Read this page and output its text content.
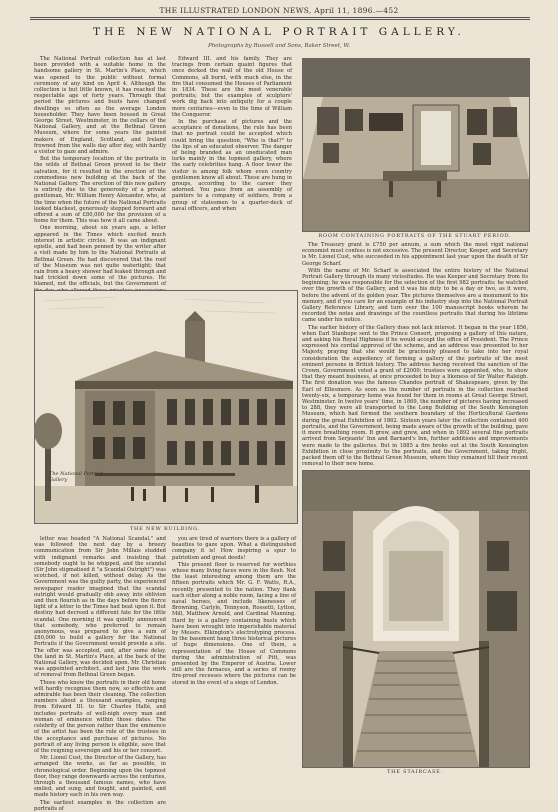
THE ILLUSTRATED LONDON NEWS, April 11, 1896.—452
THE NEW NATIONAL PORTRAIT GALLERY.
Photographs by Russell and Sons, Baker Street, W.

The National Portrait collection has at last been provided with a suitable home in the handsome gallery in St. Martin's Place, which was opened to the public without formal ceremony of any kind on April 4. Although the collection is but little known, it has reached the respectable age of forty years. Through that period the pictures and busts have changed dwellings so often as the average London householder. They have been housed in Great George Street, Westminster, in the cellars of the National Gallery, and at the Bethnal Green Museum, where for some years the painted makers of England, Scotland, and Ireland frowned from the walls day after day, with hardly a visitor to gaze and admire.

But the temporary location of the portraits in the wilds of Bethnal Green proved to be their salvation, for it resulted in the erection of the commodious new building at the back of the National Gallery. The erection of this new gallery is entirely due to the generosity of a private gentleman, Mr. William Henry Alexander, who, at the time when the future of the National Portraits looked blackest, generously stepped forward and offered a sum of £80,000 for the provision of a home for them. This was how it all came about.

One morning, about six years ago, a letter appeared in the Times which excited much interest in artistic circles. It was an indignant epistle, and had been penned by the writer after a visit made by him to the National Portraits at Bethnal Green. He had discovered that the roof of the Museum was not quite watertight; that rain from a heavy shower had leaked through and had trickled down some of the pictures. He blamed, not the officials, but the Government of

Edward III. and his family. They are tracings from certain quaint figures that once decked the wall of the old House of Commons, all burnt, with much else, in the fire that consumed the Houses of Parliament in 1834. These are the most venerable portraits; but the examples of sculptors' work dig back into antiquity for a couple more centuries—even to the time of William the Conqueror.

In the purchase of pictures and the acceptance of donations, the rule has been that no portrait could be accepted which could bring the question, "Who is that?" to the lips of an educated observer. The danger of being branded as an uneducated man lurks mainly in the topmost gallery, where the early celebrities hang. A floor lower the visitor is among folk whom even country gentlemen know all about. These are hung in groups, according to the career they adorned. You pass from an assembly of painters to a company of soldiers, from a group of statesmen to a quarter-deck of naval officers, and when

ROOM CONTAINING PORTRAITS OF THE STUART PERIOD.

The Treasury grant is £750 per annum, a sum which the most rigid national economist must confess is not excessive. The present Director, Keeper, and Secretary is Mr. Lionel Cust, who succeeded in his appointment last year upon the death of Sir George Scharf.

With the name of Mr. Scharf is associated the entire history of the National Portrait Gallery through its many vicissitudes. He was Keeper and Secretary from its beginning; he was responsible for the selection of the first 982 portraits; he watched over the growth of the Gallery, and it was his duty to be a day or two, as it were, before the advent of its golden year. The pictures themselves are a monument to his memory, and if you care for an example of his industry step into the National Portrait Gallery Reference Library, and turn over the 100 manuscript books wherein he recorded the notes and drawings of the countless portraits that during his lifetime came under his notice.

The earlier history of the Gallery does not lack interest. It began in the year 1856, when Earl Stanhope sent to the Prince Consort, proposing a gallery of this nature, and asking his Royal Highness if he would accept the office of President. The Prince expressed his cordial approval of the scheme, and an address was presented to her Majesty, praying that she would be graciously pleased to take into her royal consideration the expediency of forming a gallery of the portraits of the most eminent persons in British history. The address having received the sanction of the Crown, Government voted a grant of £2000; trustees were appointed, who, to show that they meant business, at once proceeded to buy a likeness of Sir Walter Raleigh. The first donation was the famous Chandos portrait of Shakespeare, given by the Earl of Ellesmere. As soon as the number of portraits in the collection reached twenty-six, a temporary home was found for them in rooms at Great George Street, Westminster. In twelve years' time, in 1869, the number of pictures having increased to 288, they were all transported to the Long Building of the South Kensington Museum, which had formed the southern boundary of the Horticultural Gardens during the great Exhibition of 1862. Sixteen years later the collection contained 400 portraits, and the Government, being made aware of the growth of the building, gave it more breathing room. It grew, and grew, and when in 1892 several fine portraits arrived from Serjeants' Inn and Barnard's Inn, further additions and improvements were made to the galleries. But in 1885 a fire broke out at the South Kensington Exhibition in close proximity to the portraits, and the Government, taking fright, packed them off to the Bethnal Green Museum, where they remained till their recent removal to their new home.

The National Portrait Gallery
THE NEW BUILDING.

letter was headed "A National Scandal," and was followed the next day by a breezy communication from Sir John Millais studded with indignant remarks and insisting that somebody ought to be whipped, and the scandal (Sir John stigmatised it "a Scandal Outright") was scotched, if not killed, without delay. As the Government was the guilty party, the experienced newspaper reader imagined that the scandal outright would gradually ebb away into oblivion and then flourish as in the days before the fierce light of a letter to the Times had beat upon it. But destiny had decreed a different fate for the little scandal. One morning it was quietly announced that somebody, who preferred to remain anonymous, was prepared to give a sum of £80,000 to build a gallery for the National Portraits if the Government would provide a site. The offer was accepted, and, after some delay, the land in St. Martin's Place, at the back of the National Gallery, was decided upon. Mr. Christian was appointed architect, and last June the work of removal from Bethnal Green began.

Those who know the portraits in their old home will hardly recognise them now, so effective and admirable has been their cleaning. The collection numbers about a thousand examples, ranging from Edward III. to Sir Charles Hallé, and includes portraits of well-nigh every man and woman of eminence within those dates. The celebrity of the person rather than the eminence of the artist has been the rule of the trustees in the acceptance and purchase of pictures. No portrait of any living person is eligible, save that of the reigning sovereign and his or her consort.

Mr. Lionel Cust, the Director of the Gallery, has arranged the works, as far as possible, in chronological order. Beginning upon the topmost floor, they range downwards across the centuries, through a thousand famous names, who have smiled, and sung, and fought, and painted, and made history each in his own way.

The earliest examples in the collection are portraits of

you are tired of warriors there is a gallery of beauties to gaze upon. What a distinguished company it is! How inspiring a spur to patriotism and great deeds!

This present floor is reserved for worthies whose many living faces were in the flesh. Not the least interesting among them are the fifteen portraits which Mr. G. F. Watts, R.A., recently presented to the nation. They flank each other along a noble room, facing a line of naval heroes, and include likenesses of Browning, Carlyle, Tennyson, Rossetti, Lytton, Mill, Matthew Arnold, and Cardinal Manning. Hard by is a gallery containing busts which have been wrought into imperishable material by Messrs. Elkington's electrotyping process. In the basement hang three historical pictures of huge dimensions. One of them, a representation of the House of Commons during the administration of Pitt, was presented by the Emperor of Austria. Lower still are the furnaces, and a series of roomy fire-proof recesses where the pictures can be stored in the event of a siege of London.

THE STAIRCASE.
